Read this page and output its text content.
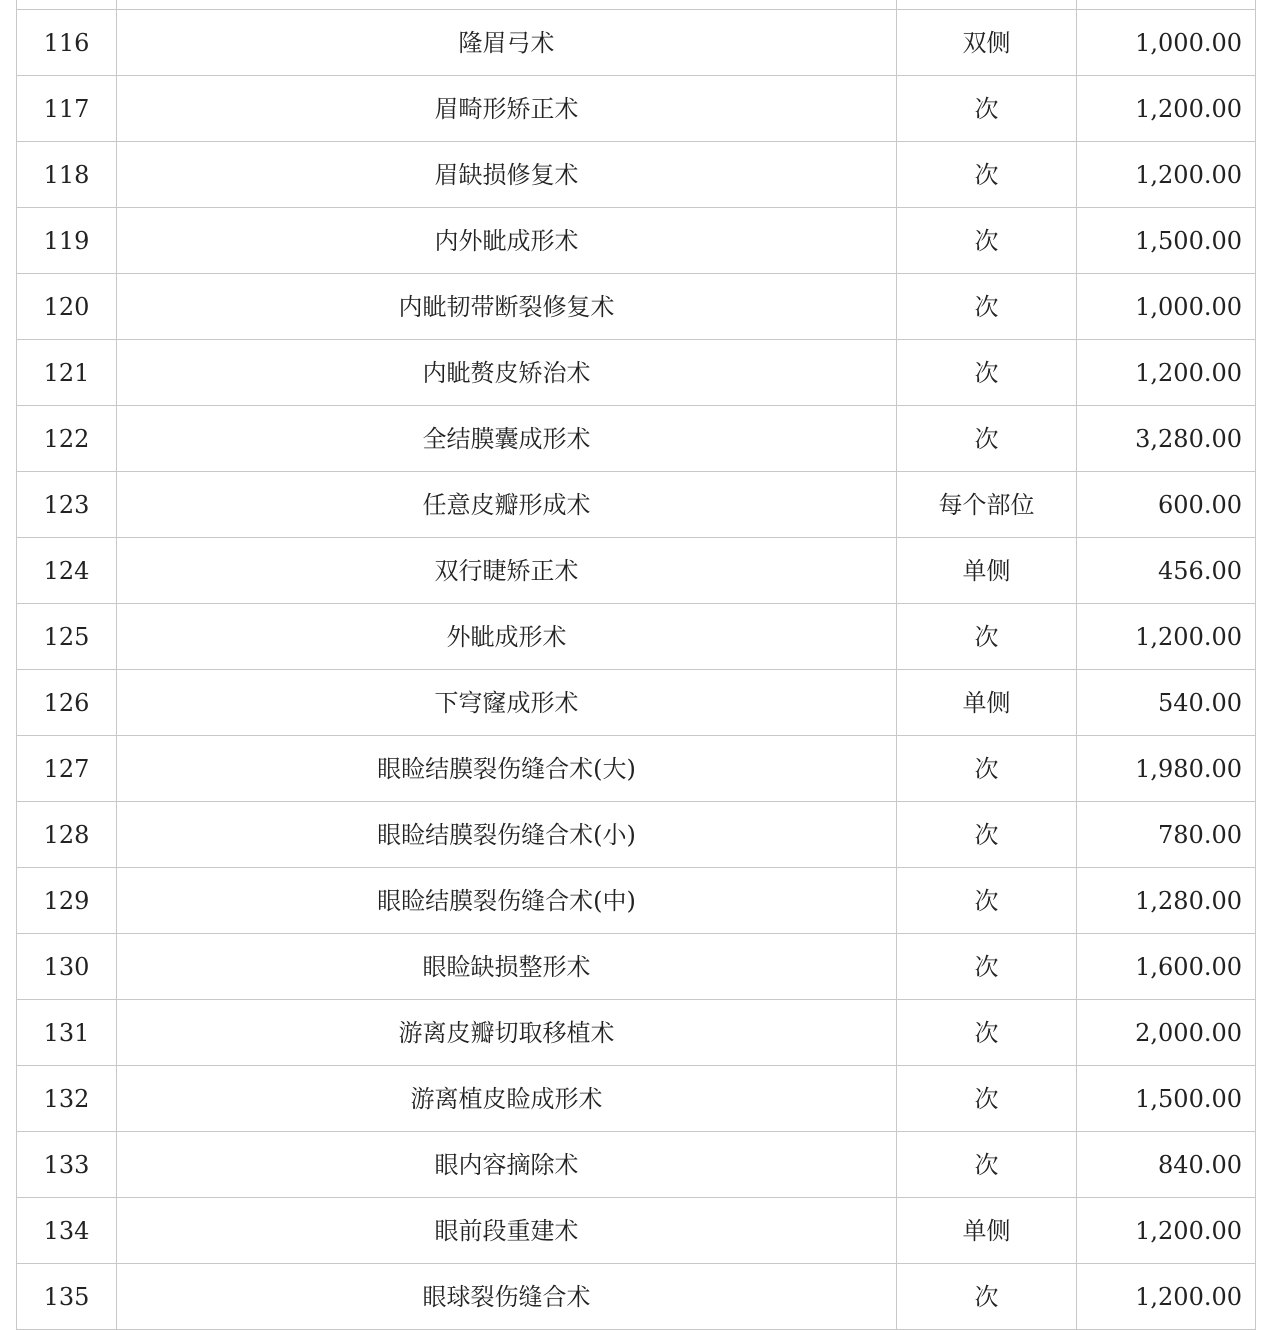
116	隆眉弓术	双侧	1,000.00
117	眉畸形矫正术	次	1,200.00
118	眉缺损修复术	次	1,200.00
119	内外眦成形术	次	1,500.00
120	内眦韧带断裂修复术	次	1,000.00
121	内眦赘皮矫治术	次	1,200.00
122	全结膜囊成形术	次	3,280.00
123	任意皮瓣形成术	每个部位	600.00
124	双行睫矫正术	单侧	456.00
125	外眦成形术	次	1,200.00
126	下穹窿成形术	单侧	540.00
127	眼睑结膜裂伤缝合术(大)	次	1,980.00
128	眼睑结膜裂伤缝合术(小)	次	780.00
129	眼睑结膜裂伤缝合术(中)	次	1,280.00
130	眼睑缺损整形术	次	1,600.00
131	游离皮瓣切取移植术	次	2,000.00
132	游离植皮睑成形术	次	1,500.00
133	眼内容摘除术	次	840.00
134	眼前段重建术	单侧	1,200.00
135	眼球裂伤缝合术	次	1,200.00
